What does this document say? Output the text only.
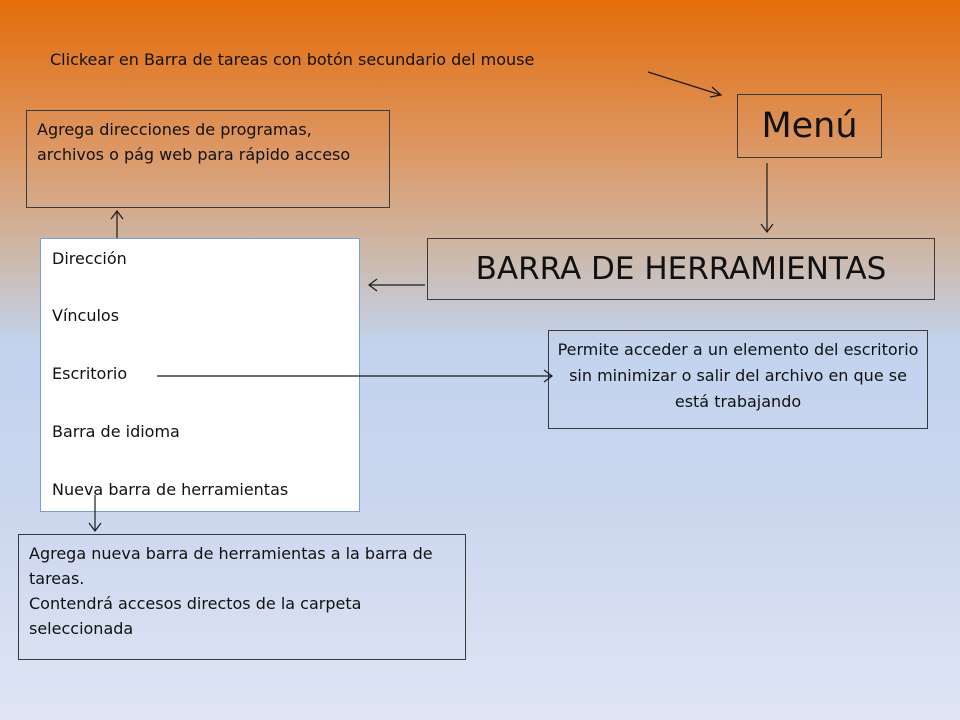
Clickear en Barra de tareas con botón secundario del mouse
Menú
BARRA DE HERRAMIENTAS
Agrega direcciones de programas, archivos o pág web para rápido acceso
Dirección
Vínculos
Escritorio
Barra de idioma
Nueva barra de herramientas
Permite acceder a un elemento del escritorio sin minimizar o salir del archivo en que se está trabajando
Agrega nueva barra de herramientas a la barra de tareas.
Contendrá accesos directos de la carpeta seleccionada
